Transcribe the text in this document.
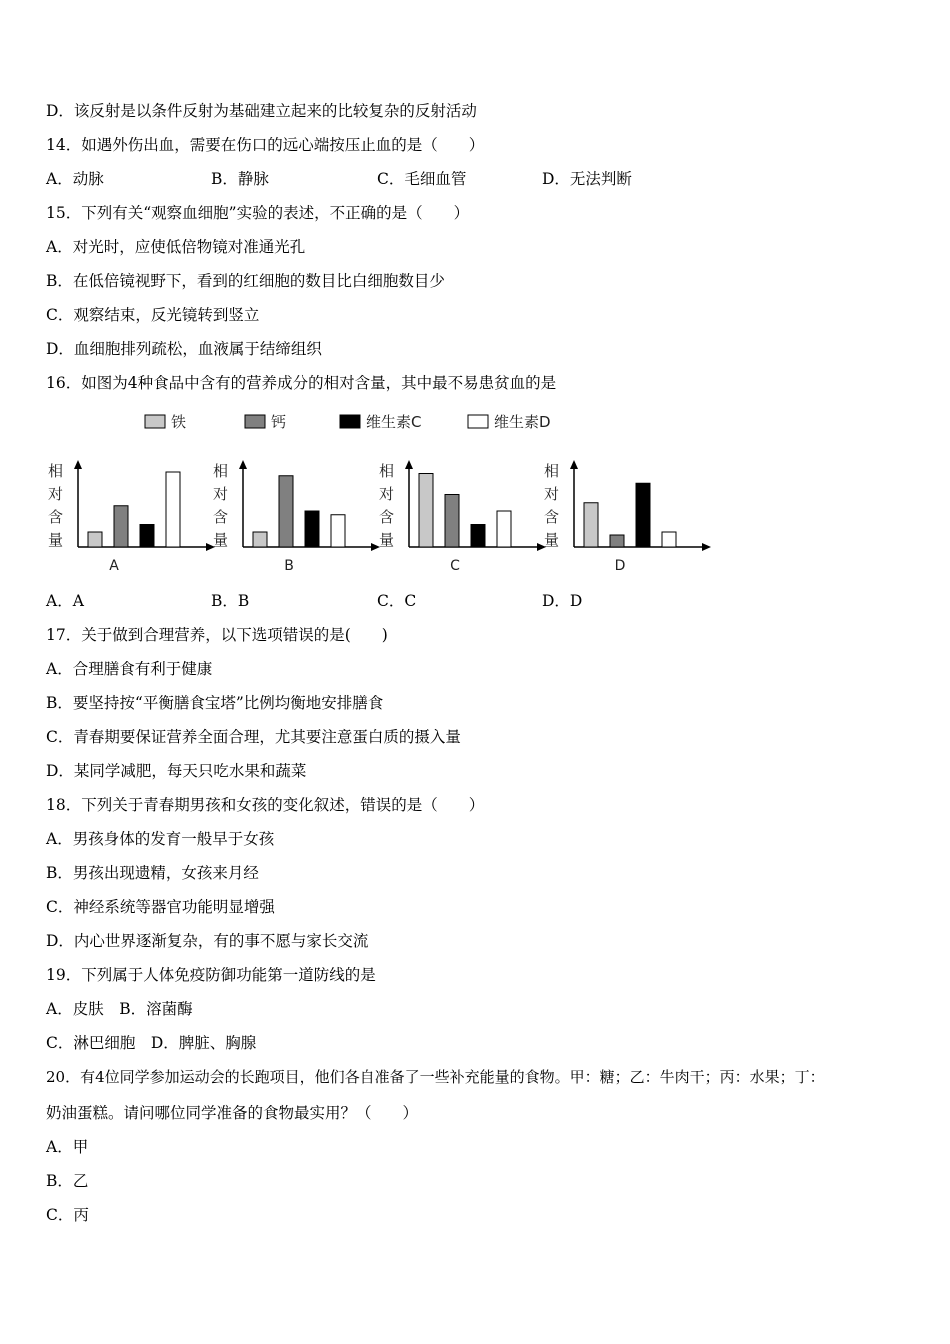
D．该反射是以条件反射为基础建立起来的比较复杂的反射活动
14．如遇外伤出血，需要在伤口的远心端按压止血的是（　　）
A．动脉	B．静脉	C．毛细血管	D．无法判断
15．下列有关“观察血细胞”实验的表述，不正确的是（　　）
A．对光时，应使低倍物镜对准通光孔
B．在低倍镜视野下，看到的红细胞的数目比白细胞数目少
C．观察结束，反光镜转到竖立
D．血细胞排列疏松，血液属于结缔组织
16．如图为4种食品中含有的营养成分的相对含量，其中最不易患贫血的是
铁	钙	维生素C	维生素D
相
对
含
量
A
相
对
含
量
B
相
对
含
量
C
相
对
含
量
D
A．A	B．B	C．C	D．D
17．关于做到合理营养，以下选项错误的是(　　)
A．合理膳食有利于健康
B．要坚持按“平衡膳食宝塔”比例均衡地安排膳食
C．青春期要保证营养全面合理，尤其要注意蛋白质的摄入量
D．某同学减肥，每天只吃水果和蔬菜
18．下列关于青春期男孩和女孩的变化叙述，错误的是（　　）
A．男孩身体的发育一般早于女孩
B．男孩出现遗精，女孩来月经
C．神经系统等器官功能明显增强
D．内心世界逐渐复杂，有的事不愿与家长交流
19．下列属于人体免疫防御功能第一道防线的是
A．皮肤　B．溶菌酶
C．淋巴细胞　D．脾脏、胸腺
20．有4位同学参加运动会的长跑项目，他们各自准备了一些补充能量的食物。甲：糖；乙：牛肉干；丙：水果；丁：
奶油蛋糕。请问哪位同学准备的食物最实用？（　　）
A．甲
B．乙
C．丙
